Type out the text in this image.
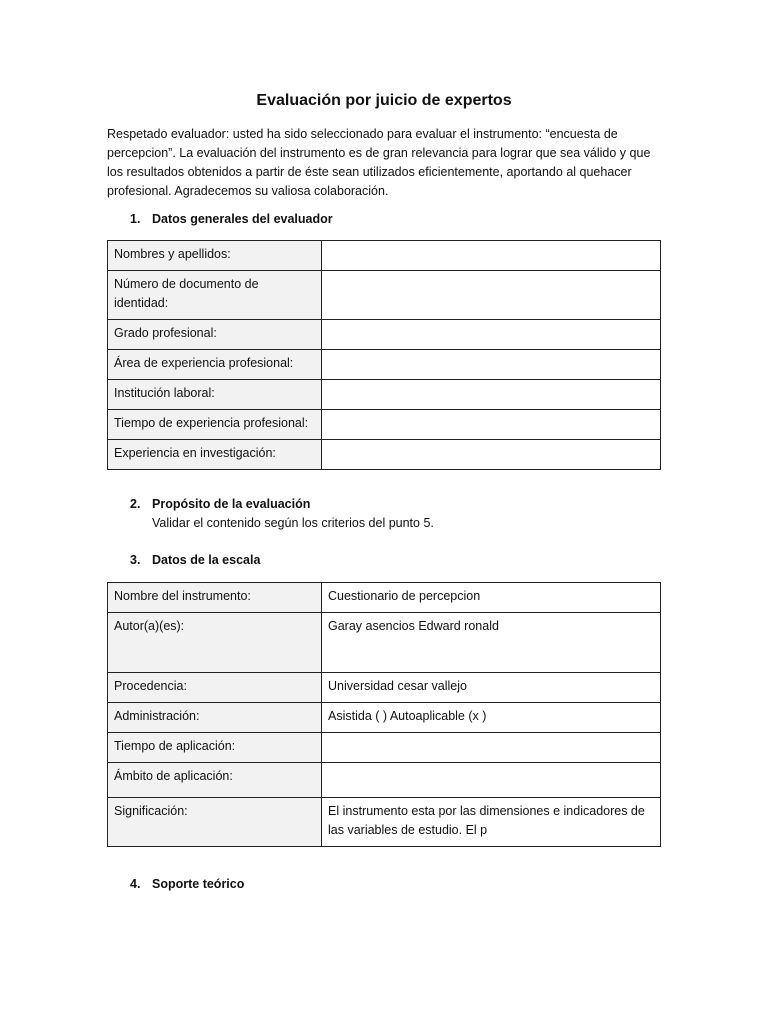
Evaluación por juicio de expertos

Respetado evaluador: usted ha sido seleccionado para evaluar el instrumento: “encuesta de percepcion”. La evaluación del instrumento es de gran relevancia para lograr que sea válido y que los resultados obtenidos a partir de éste sean utilizados eficientemente, aportando al quehacer profesional. Agradecemos su valiosa colaboración.

1. Datos generales del evaluador
Nombres y apellidos:	
Número de documento de identidad:	
Grado profesional:	
Área de experiencia profesional:	
Institución laboral:	
Tiempo de experiencia profesional:	
Experiencia en investigación:	
2. Propósito de la evaluación
Validar el contenido según los criterios del punto 5.
3. Datos de la escala
Nombre del instrumento:	Cuestionario de percepcion
Autor(a)(es):	Garay asencios Edward ronald
Procedencia:	Universidad cesar vallejo
Administración:	Asistida ( ) Autoaplicable (x )
Tiempo de aplicación:	
Ámbito de aplicación:	
Significación:	El instrumento esta por las dimensiones e indicadores de las variables de estudio. El p
4. Soporte teórico
